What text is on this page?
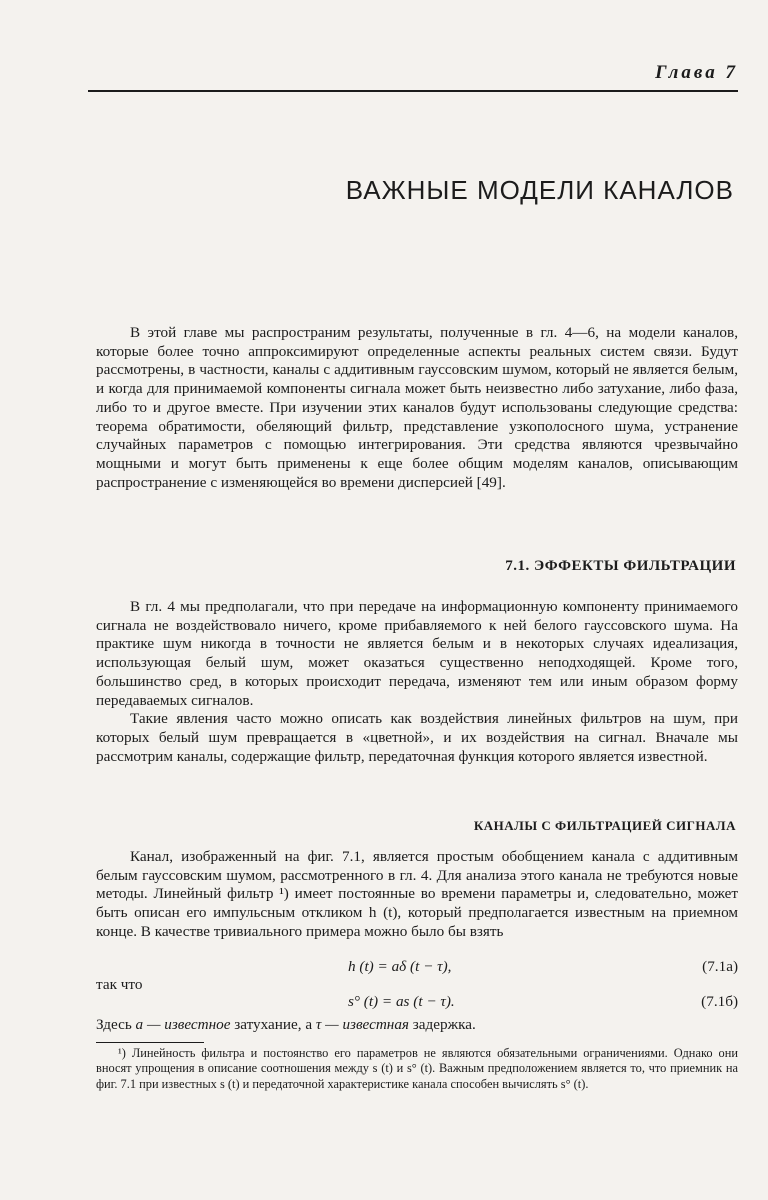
Глава 7
ВАЖНЫЕ МОДЕЛИ КАНАЛОВ

В этой главе мы распространим результаты, полученные в гл. 4—6, на модели каналов, которые более точно аппроксимируют определенные аспекты реальных систем связи. Будут рассмотрены, в частности, каналы с аддитивным гауссовским шумом, который не является белым, и когда для принимаемой компоненты сигнала может быть неизвестно либо затухание, либо фаза, либо то и другое вместе. При изучении этих каналов будут использованы следующие средства: теорема обратимости, обеляющий фильтр, представление узкополосного шума, устранение случайных параметров с помощью интегрирования. Эти средства являются чрезвычайно мощными и могут быть применены к еще более общим моделям каналов, описывающим распространение с изменяющейся во времени дисперсией [49].

7.1. ЭФФЕКТЫ ФИЛЬТРАЦИИ

В гл. 4 мы предполагали, что при передаче на информационную компоненту принимаемого сигнала не воздействовало ничего, кроме прибавляемого к ней белого гауссовского шума. На практике шум никогда в точности не является белым и в некоторых случаях идеализация, использующая белый шум, может оказаться существенно неподходящей. Кроме того, большинство сред, в которых происходит передача, изменяют тем или иным образом форму передаваемых сигналов.

Такие явления часто можно описать как воздействия линейных фильтров на шум, при которых белый шум превращается в «цветной», и их воздействия на сигнал. Вначале мы рассмотрим каналы, содержащие фильтр, передаточная функция которого является известной.

КАНАЛЫ С ФИЛЬТРАЦИЕЙ СИГНАЛА

Канал, изображенный на фиг. 7.1, является простым обобщением канала с аддитивным белым гауссовским шумом, рассмотренного в гл. 4. Для анализа этого канала не требуются новые методы. Линейный фильтр ¹) имеет постоянные во времени параметры и, следовательно, может быть описан его импульсным откликом h (t), который предполагается известным на приемном конце. В качестве тривиального примера можно было бы взять

h (t) = aδ (t − τ),	(7.1a)
так что
s° (t) = as (t − τ).	(7.1б)
Здесь a — известное затухание, а τ — известная задержка.

¹) Линейность фильтра и постоянство его параметров не являются обязательными ограничениями. Однако они вносят упрощения в описание соотношения между s (t) и s° (t). Важным предположением является то, что приемник на фиг. 7.1 при известных s (t) и передаточной характеристике канала способен вычислять s° (t).
